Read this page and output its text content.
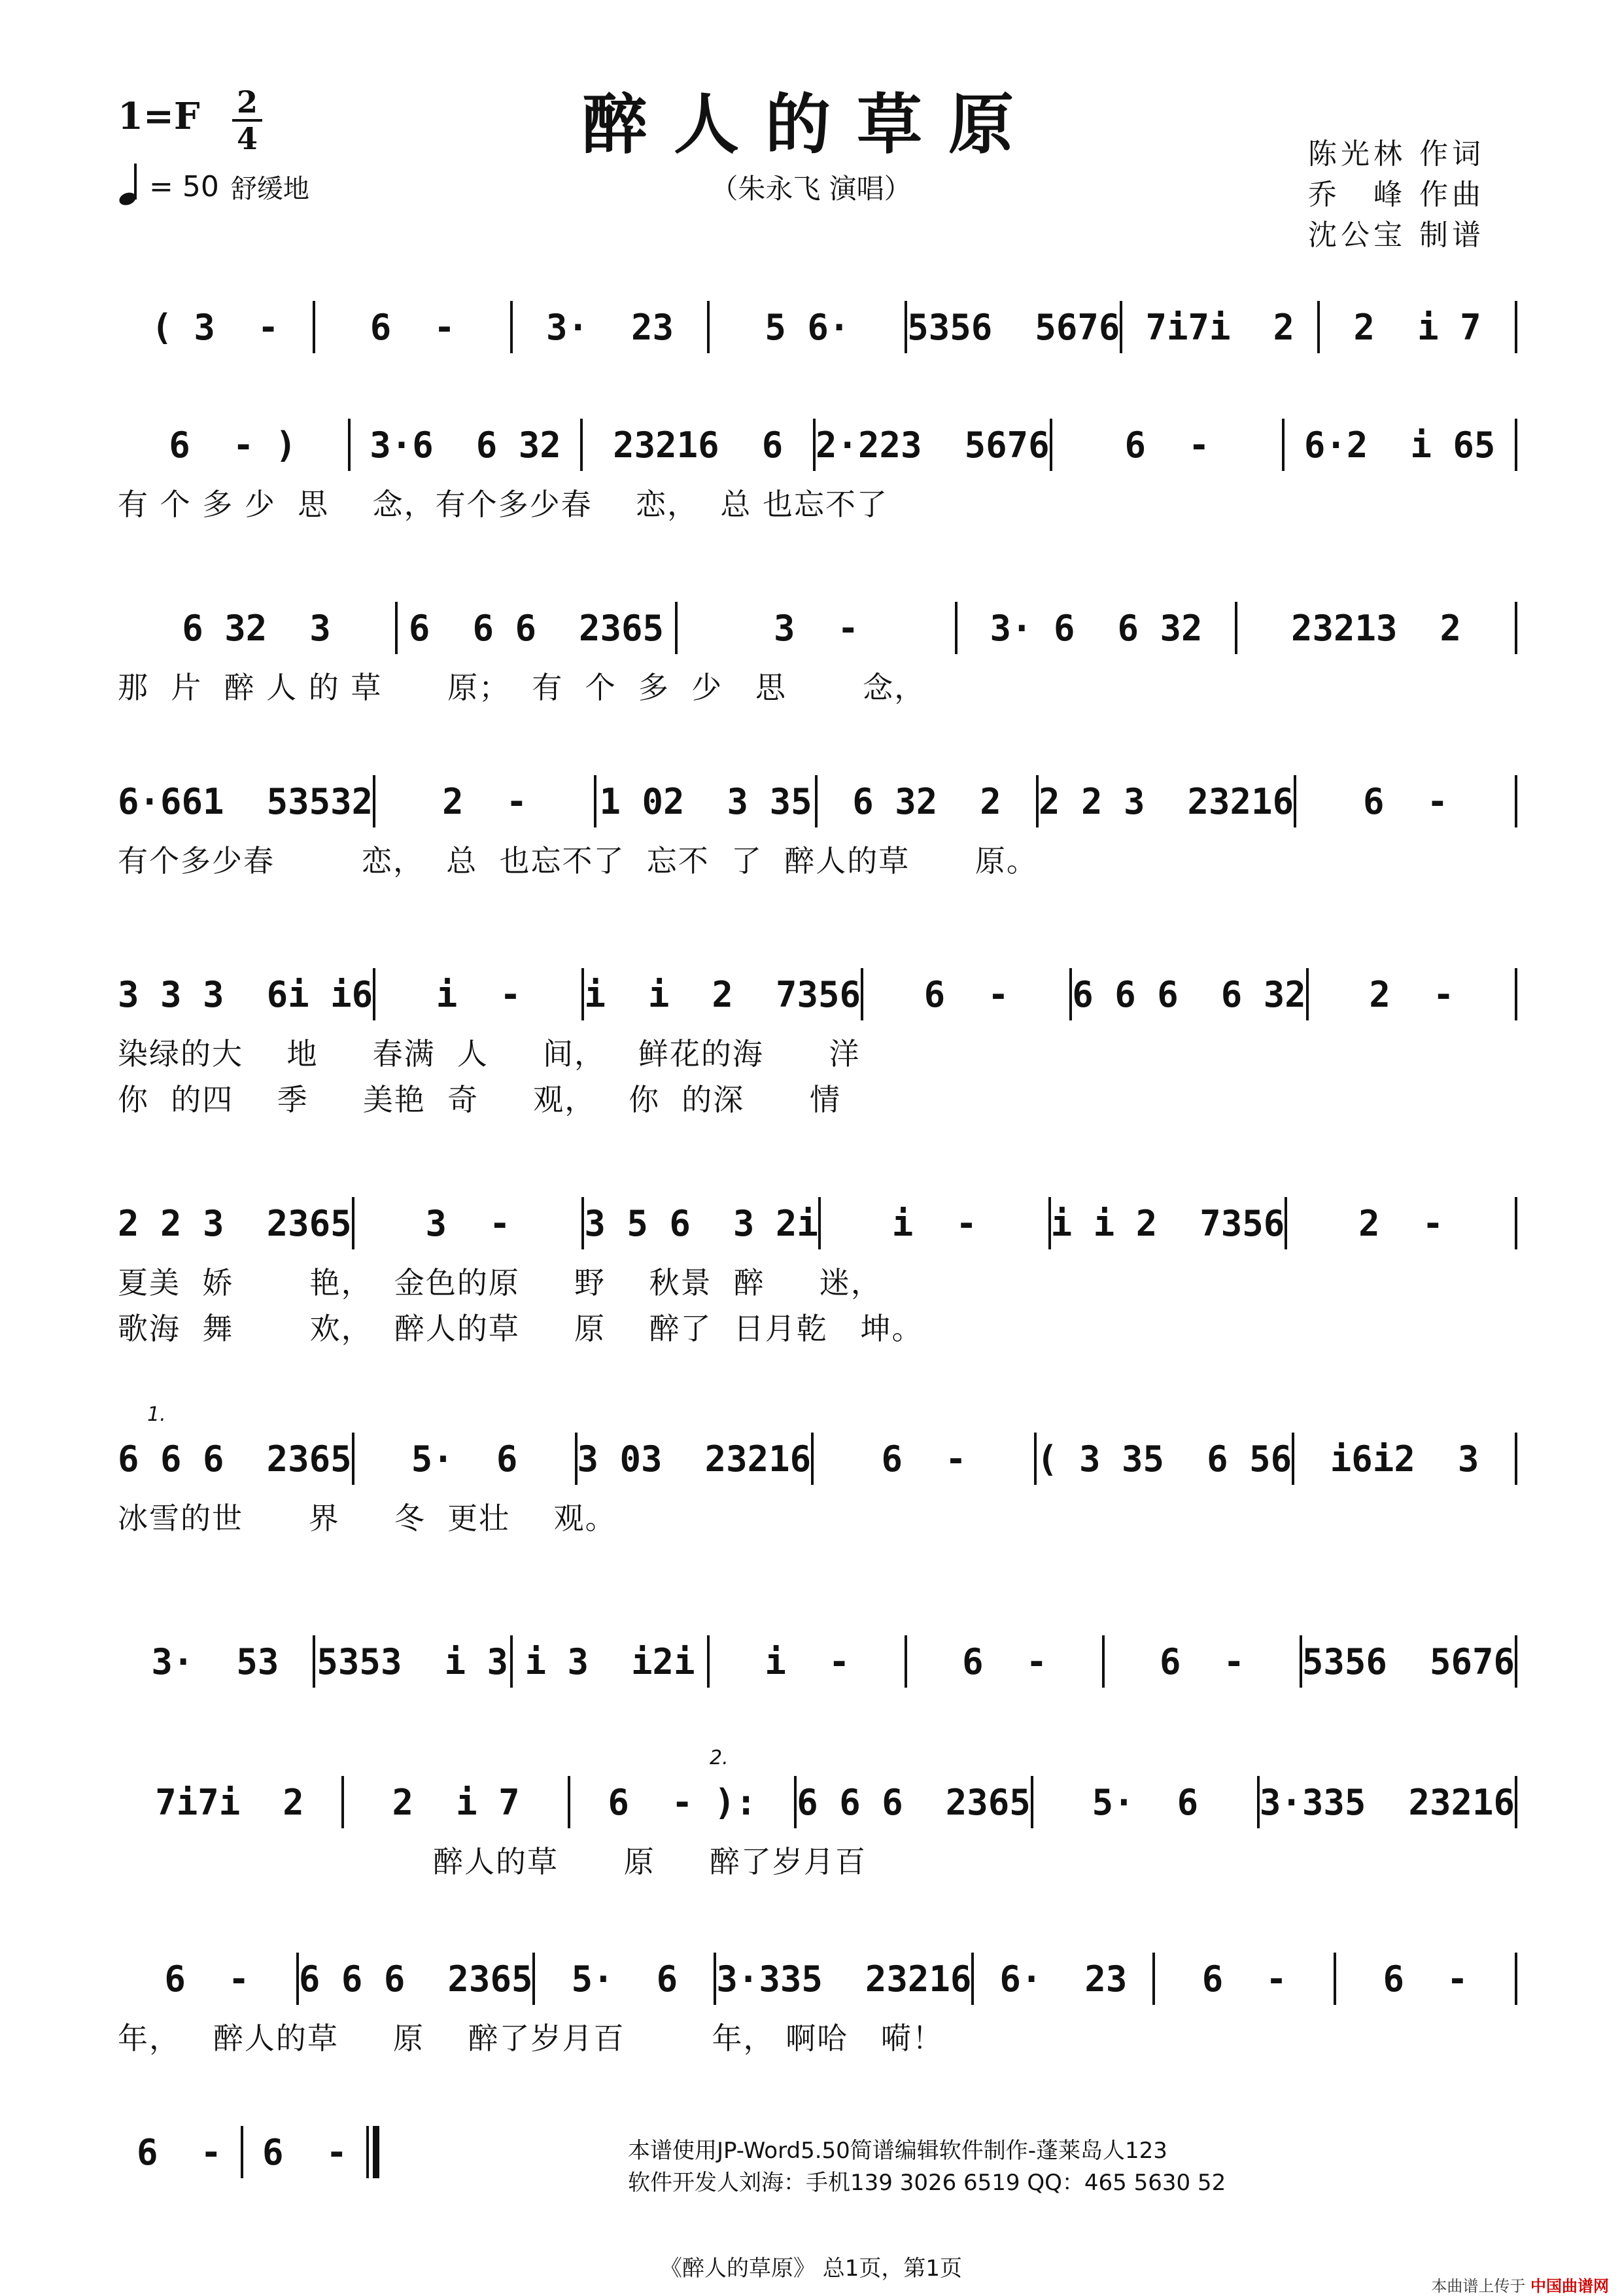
醉人的草原
（朱永飞 演唱）
1=F 2
4
= 50 舒缓地
陈光林 作词
乔　峰 作曲
沈公宝 制谱
( 3  -	6  -	3·  23	5 6·	5356  5676 7i7i  2	2  i 7
6  - )	3·6  6 32	23216  6 2·223  5676	6  -	6·2  i 65
有 个 多 少  思    念，有个多少春    恋，  总 也忘不了
6 32  3	6  6 6  2365	3  -	3· 6  6 32	23213  2
那  片  醉 人 的 草      原；  有  个  多  少   思       念，
6·661  53532	2  -	1 02  3 35	6 32  2	2 2 3  23216	6  -
有个多少春        恋，  总  也忘不了  忘不  了  醉人的草      原。
3 3 3  6i i6	i  -	i  i  2  7356	6  -	6 6 6  6 32	2  -
染绿的大    地     春满  人     间，   鲜花的海      洋
你  的四    季     美艳  奇     观，   你  的深      情
2 2 3  2365	3  -	3 5 6  3 2i	i  -	i i 2  7356	2  -
夏美  娇       艳，  金色的原     野    秋景  醉     迷，
歌海  舞       欢，  醉人的草     原    醉了  日月乾   坤。
6 6 6  2365	5·  6	3 03  23216	6  -	( 3 35  6 56	i6i2  3
1.
冰雪的世      界     冬  更壮    观。
3·  53	5353  i 3 i 3  i2i	i  -	6  -	6  -	5356  5676
7i7i  2	2  i 7	6  - ):	6 6 6  2365	5·  6	3·335  23216
2.
醉人的草      原     醉了岁月百
6  -	6 6 6  2365	5·  6	3·335  23216 6·  23	6  -	6  -
年，   醉人的草     原    醉了岁月百        年， 啊哈   嗬！
6  -	6  -	本谱使用JP-Word5.50简谱编辑软件制作-蓬莱岛人123
软件开发人刘海：手机139 3026 6519 QQ：465 5630 52
《醉人的草原》 总1页，第1页
本曲谱上传于 中国曲谱网
